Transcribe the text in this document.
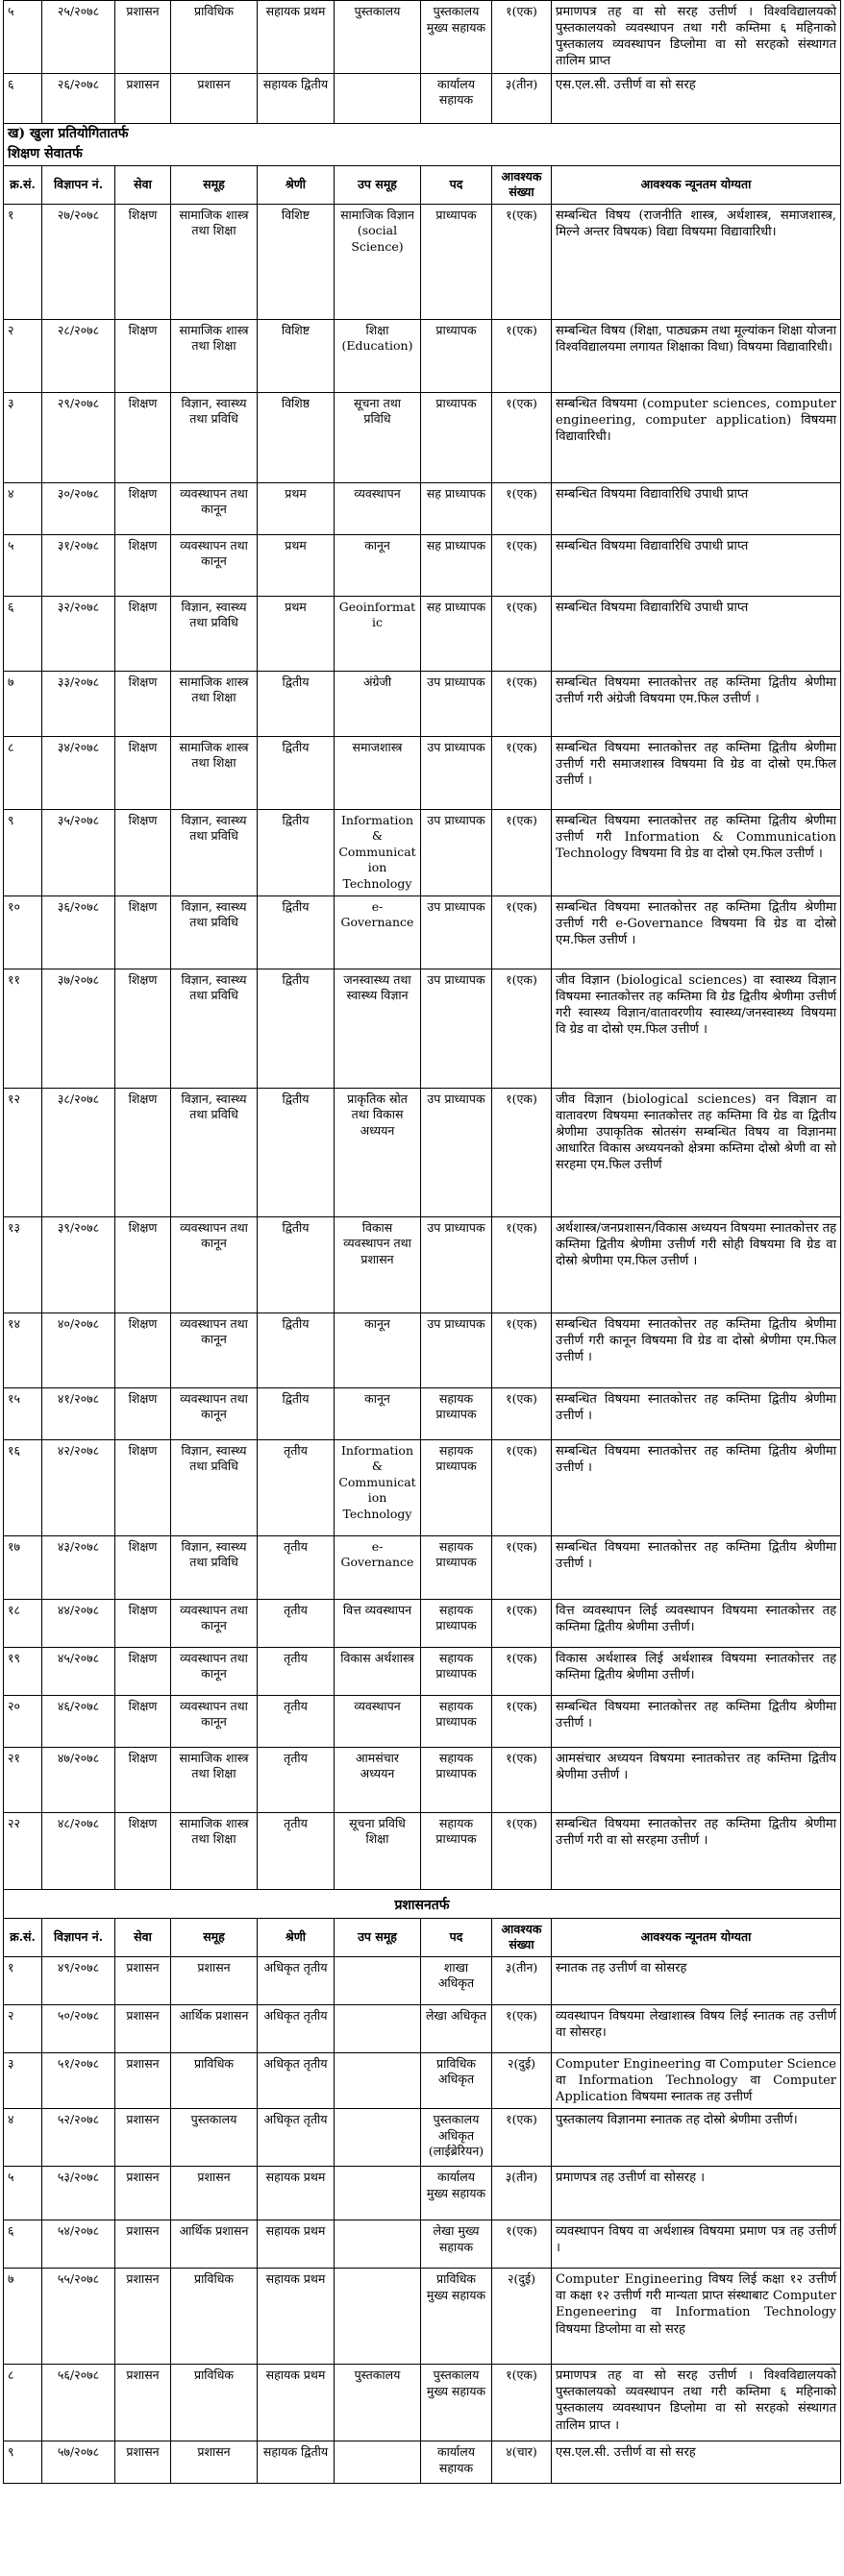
५	२५/२०७८	प्रशासन	प्राविधिक	सहायक प्रथम	पुस्तकालय	पुस्तकालय मुख्य सहायक	१(एक)	प्रमाणपत्र तह वा सो सरह उत्तीर्ण । विश्वविद्यालयको पुस्तकालयको व्यवस्थापन तथा गरी कम्तिमा ६ महिनाको पुस्तकालय व्यवस्थापन डिप्लोमा वा सो सरहको संस्थागत तालिम प्राप्त
६	२६/२०७८	प्रशासन	प्रशासन	सहायक द्वितीय		कार्यालय सहायक	३(तीन)	एस.एल.सी. उत्तीर्ण वा सो सरह
ख) खुला प्रतियोगितातर्फ
शिक्षण सेवातर्फ
क्र.सं.	विज्ञापन नं.	सेवा	समूह	श्रेणी	उप समूह	पद	आवश्यक संख्या	आवश्यक न्यूनतम योग्यता
१	२७/२०७८	शिक्षण	सामाजिक शास्त्र तथा शिक्षा	विशिष्ट	सामाजिक विज्ञान (social Science)	प्राध्यापक	१(एक)	सम्बन्धित विषय (राजनीति शास्त्र, अर्थशास्त्र, समाजशास्त्र, मिल्ने अन्तर विषयक) विद्या विषयमा विद्यावारिधी।
२	२८/२०७८	शिक्षण	सामाजिक शास्त्र तथा शिक्षा	विशिष्ट	शिक्षा (Education)	प्राध्यापक	१(एक)	सम्बन्धित विषय (शिक्षा, पाठ्यक्रम तथा मूल्यांकन शिक्षा योजना विश्वविद्यालयमा लगायत शिक्षाका विधा) विषयमा विद्यावारिधी।
३	२९/२०७८	शिक्षण	विज्ञान, स्वास्थ्य तथा प्रविधि	विशिष्ठ	सूचना तथा प्रविधि	प्राध्यापक	१(एक)	सम्बन्धित विषयमा (computer sciences, computer engineering, computer application) विषयमा विद्यावारिधी।
४	३०/२०७८	शिक्षण	व्यवस्थापन तथा कानून	प्रथम	व्यवस्थापन	सह प्राध्यापक	१(एक)	सम्बन्धित विषयमा विद्यावारिधि उपाधी प्राप्त
५	३१/२०७८	शिक्षण	व्यवस्थापन तथा कानून	प्रथम	कानून	सह प्राध्यापक	१(एक)	सम्बन्धित विषयमा विद्यावारिधि उपाधी प्राप्त
६	३२/२०७८	शिक्षण	विज्ञान, स्वास्थ्य तथा प्रविधि	प्रथम	Geoinformatic	सह प्राध्यापक	१(एक)	सम्बन्धित विषयमा विद्यावारिधि उपाधी प्राप्त
७	३३/२०७८	शिक्षण	सामाजिक शास्त्र तथा शिक्षा	द्वितीय	अंग्रेजी	उप प्राध्यापक	१(एक)	सम्बन्धित विषयमा स्नातकोत्तर तह कम्तिमा द्वितीय श्रेणीमा उत्तीर्ण गरी अंग्रेजी विषयमा एम.फिल उत्तीर्ण ।
८	३४/२०७८	शिक्षण	सामाजिक शास्त्र तथा शिक्षा	द्वितीय	समाजशास्त्र	उप प्राध्यापक	१(एक)	सम्बन्धित विषयमा स्नातकोत्तर तह कम्तिमा द्वितीय श्रेणीमा उत्तीर्ण गरी समाजशास्त्र विषयमा वि ग्रेड वा दोस्रो एम.फिल उत्तीर्ण ।
९	३५/२०७८	शिक्षण	विज्ञान, स्वास्थ्य तथा प्रविधि	द्वितीय	Information & Communication Technology	उप प्राध्यापक	१(एक)	सम्बन्धित विषयमा स्नातकोत्तर तह कम्तिमा द्वितीय श्रेणीमा उत्तीर्ण गरी Information & Communication Technology विषयमा वि ग्रेड वा दोस्रो एम.फिल उत्तीर्ण ।
१०	३६/२०७८	शिक्षण	विज्ञान, स्वास्थ्य तथा प्रविधि	द्वितीय	e-Governance	उप प्राध्यापक	१(एक)	सम्बन्धित विषयमा स्नातकोत्तर तह कम्तिमा द्वितीय श्रेणीमा उत्तीर्ण गरी e-Governance विषयमा वि ग्रेड वा दोस्रो एम.फिल उत्तीर्ण ।
११	३७/२०७८	शिक्षण	विज्ञान, स्वास्थ्य तथा प्रविधि	द्वितीय	जनस्वास्थ्य तथा स्वास्थ्य विज्ञान	उप प्राध्यापक	१(एक)	जीव विज्ञान (biological sciences) वा स्वास्थ्य विज्ञान विषयमा स्नातकोत्तर तह कम्तिमा वि ग्रेड द्वितीय श्रेणीमा उत्तीर्ण गरी स्वास्थ्य विज्ञान/वातावरणीय स्वास्थ्य/जनस्वास्थ्य विषयमा वि ग्रेड वा दोस्रो एम.फिल उत्तीर्ण ।
१२	३८/२०७८	शिक्षण	विज्ञान, स्वास्थ्य तथा प्रविधि	द्वितीय	प्राकृतिक स्रोत तथा विकास अध्ययन	उप प्राध्यापक	१(एक)	जीव विज्ञान (biological sciences) वन विज्ञान वा वातावरण विषयमा स्नातकोत्तर तह कम्तिमा वि ग्रेड वा द्वितीय श्रेणीमा उपाकृतिक स्रोतसंग सम्बन्धित विषय वा विज्ञानमा आधारित विकास अध्ययनको क्षेत्रमा कम्तिमा दोस्रो श्रेणी वा सो सरहमा एम.फिल उत्तीर्ण
१३	३९/२०७८	शिक्षण	व्यवस्थापन तथा कानून	द्वितीय	विकास व्यवस्थापन तथा प्रशासन	उप प्राध्यापक	१(एक)	अर्थशास्त्र/जनप्रशासन/विकास अध्ययन विषयमा स्नातकोत्तर तह कम्तिमा द्वितीय श्रेणीमा उत्तीर्ण गरी सोही विषयमा वि ग्रेड वा दोस्रो श्रेणीमा एम.फिल उत्तीर्ण ।
१४	४०/२०७८	शिक्षण	व्यवस्थापन तथा कानून	द्वितीय	कानून	उप प्राध्यापक	१(एक)	सम्बन्धित विषयमा स्नातकोत्तर तह कम्तिमा द्वितीय श्रेणीमा उत्तीर्ण गरी कानून विषयमा वि ग्रेड वा दोस्रो श्रेणीमा एम.फिल उत्तीर्ण ।
१५	४१/२०७८	शिक्षण	व्यवस्थापन तथा कानून	द्वितीय	कानून	सहायक प्राध्यापक	१(एक)	सम्बन्धित विषयमा स्नातकोत्तर तह कम्तिमा द्वितीय श्रेणीमा उत्तीर्ण ।
१६	४२/२०७८	शिक्षण	विज्ञान, स्वास्थ्य तथा प्रविधि	तृतीय	Information & Communication Technology	सहायक प्राध्यापक	१(एक)	सम्बन्धित विषयमा स्नातकोत्तर तह कम्तिमा द्वितीय श्रेणीमा उत्तीर्ण ।
१७	४३/२०७८	शिक्षण	विज्ञान, स्वास्थ्य तथा प्रविधि	तृतीय	e-Governance	सहायक प्राध्यापक	१(एक)	सम्बन्धित विषयमा स्नातकोत्तर तह कम्तिमा द्वितीय श्रेणीमा उत्तीर्ण ।
१८	४४/२०७८	शिक्षण	व्यवस्थापन तथा कानून	तृतीय	वित्त व्यवस्थापन	सहायक प्राध्यापक	१(एक)	वित्त व्यवस्थापन लिई व्यवस्थापन विषयमा स्नातकोत्तर तह कम्तिमा द्वितीय श्रेणीमा उत्तीर्ण।
१९	४५/२०७८	शिक्षण	व्यवस्थापन तथा कानून	तृतीय	विकास अर्थशास्त्र	सहायक प्राध्यापक	१(एक)	विकास अर्थशास्त्र लिई अर्थशास्त्र विषयमा स्नातकोत्तर तह कम्तिमा द्वितीय श्रेणीमा उत्तीर्ण।
२०	४६/२०७८	शिक्षण	व्यवस्थापन तथा कानून	तृतीय	व्यवस्थापन	सहायक प्राध्यापक	१(एक)	सम्बन्धित विषयमा स्नातकोत्तर तह कम्तिमा द्वितीय श्रेणीमा उत्तीर्ण ।
२१	४७/२०७८	शिक्षण	सामाजिक शास्त्र तथा शिक्षा	तृतीय	आमसंचार अध्ययन	सहायक प्राध्यापक	१(एक)	आमसंचार अध्ययन विषयमा स्नातकोत्तर तह कम्तिमा द्वितीय श्रेणीमा उत्तीर्ण ।
२२	४८/२०७८	शिक्षण	सामाजिक शास्त्र तथा शिक्षा	तृतीय	सूचना प्रविधि शिक्षा	सहायक प्राध्यापक	१(एक)	सम्बन्धित विषयमा स्नातकोत्तर तह कम्तिमा द्वितीय श्रेणीमा उत्तीर्ण गरी वा सो सरहमा उत्तीर्ण ।
प्रशासनतर्फ
क्र.सं.	विज्ञापन नं.	सेवा	समूह	श्रेणी	उप समूह	पद	आवश्यक संख्या	आवश्यक न्यूनतम योग्यता
१	४९/२०७८	प्रशासन	प्रशासन	अधिकृत तृतीय		शाखा अधिकृत	३(तीन)	स्नातक तह उत्तीर्ण वा सोसरह
२	५०/२०७८	प्रशासन	आर्थिक प्रशासन	अधिकृत तृतीय		लेखा अधिकृत	१(एक)	व्यवस्थापन विषयमा लेखाशास्त्र विषय लिई स्नातक तह उत्तीर्ण वा सोसरह।
३	५१/२०७८	प्रशासन	प्राविधिक	अधिकृत तृतीय		प्राविधिक अधिकृत	२(दुई)	Computer Engineering वा Computer Science वा Information Technology वा Computer Application विषयमा स्नातक तह उत्तीर्ण
४	५२/२०७८	प्रशासन	पुस्तकालय	अधिकृत तृतीय		पुस्तकालय अधिकृत (लाईब्रेरियन)	१(एक)	पुस्तकालय विज्ञानमा स्नातक तह दोस्रो श्रेणीमा उत्तीर्ण।
५	५३/२०७८	प्रशासन	प्रशासन	सहायक प्रथम		कार्यालय मुख्य सहायक	३(तीन)	प्रमाणपत्र तह उत्तीर्ण वा सोसरह ।
६	५४/२०७८	प्रशासन	आर्थिक प्रशासन	सहायक प्रथम		लेखा मुख्य सहायक	१(एक)	व्यवस्थापन विषय वा अर्थशास्त्र विषयमा प्रमाण पत्र तह उत्तीर्ण ।
७	५५/२०७८	प्रशासन	प्राविधिक	सहायक प्रथम		प्राविधिक मुख्य सहायक	२(दुई)	Computer Engineering विषय लिई कक्षा १२ उत्तीर्ण वा कक्षा १२ उत्तीर्ण गरी मान्यता प्राप्त संस्थाबाट Computer Engeneering वा Information Technology विषयमा डिप्लोमा वा सो सरह
८	५६/२०७८	प्रशासन	प्राविधिक	सहायक प्रथम	पुस्तकालय	पुस्तकालय मुख्य सहायक	१(एक)	प्रमाणपत्र तह वा सो सरह उत्तीर्ण । विश्वविद्यालयको पुस्तकालयको व्यवस्थापन तथा गरी कम्तिमा ६ महिनाको पुस्तकालय व्यवस्थापन डिप्लोमा वा सो सरहको संस्थागत तालिम प्राप्त ।
९	५७/२०७८	प्रशासन	प्रशासन	सहायक द्वितीय		कार्यालय सहायक	४(चार)	एस.एल.सी. उत्तीर्ण वा सो सरह
